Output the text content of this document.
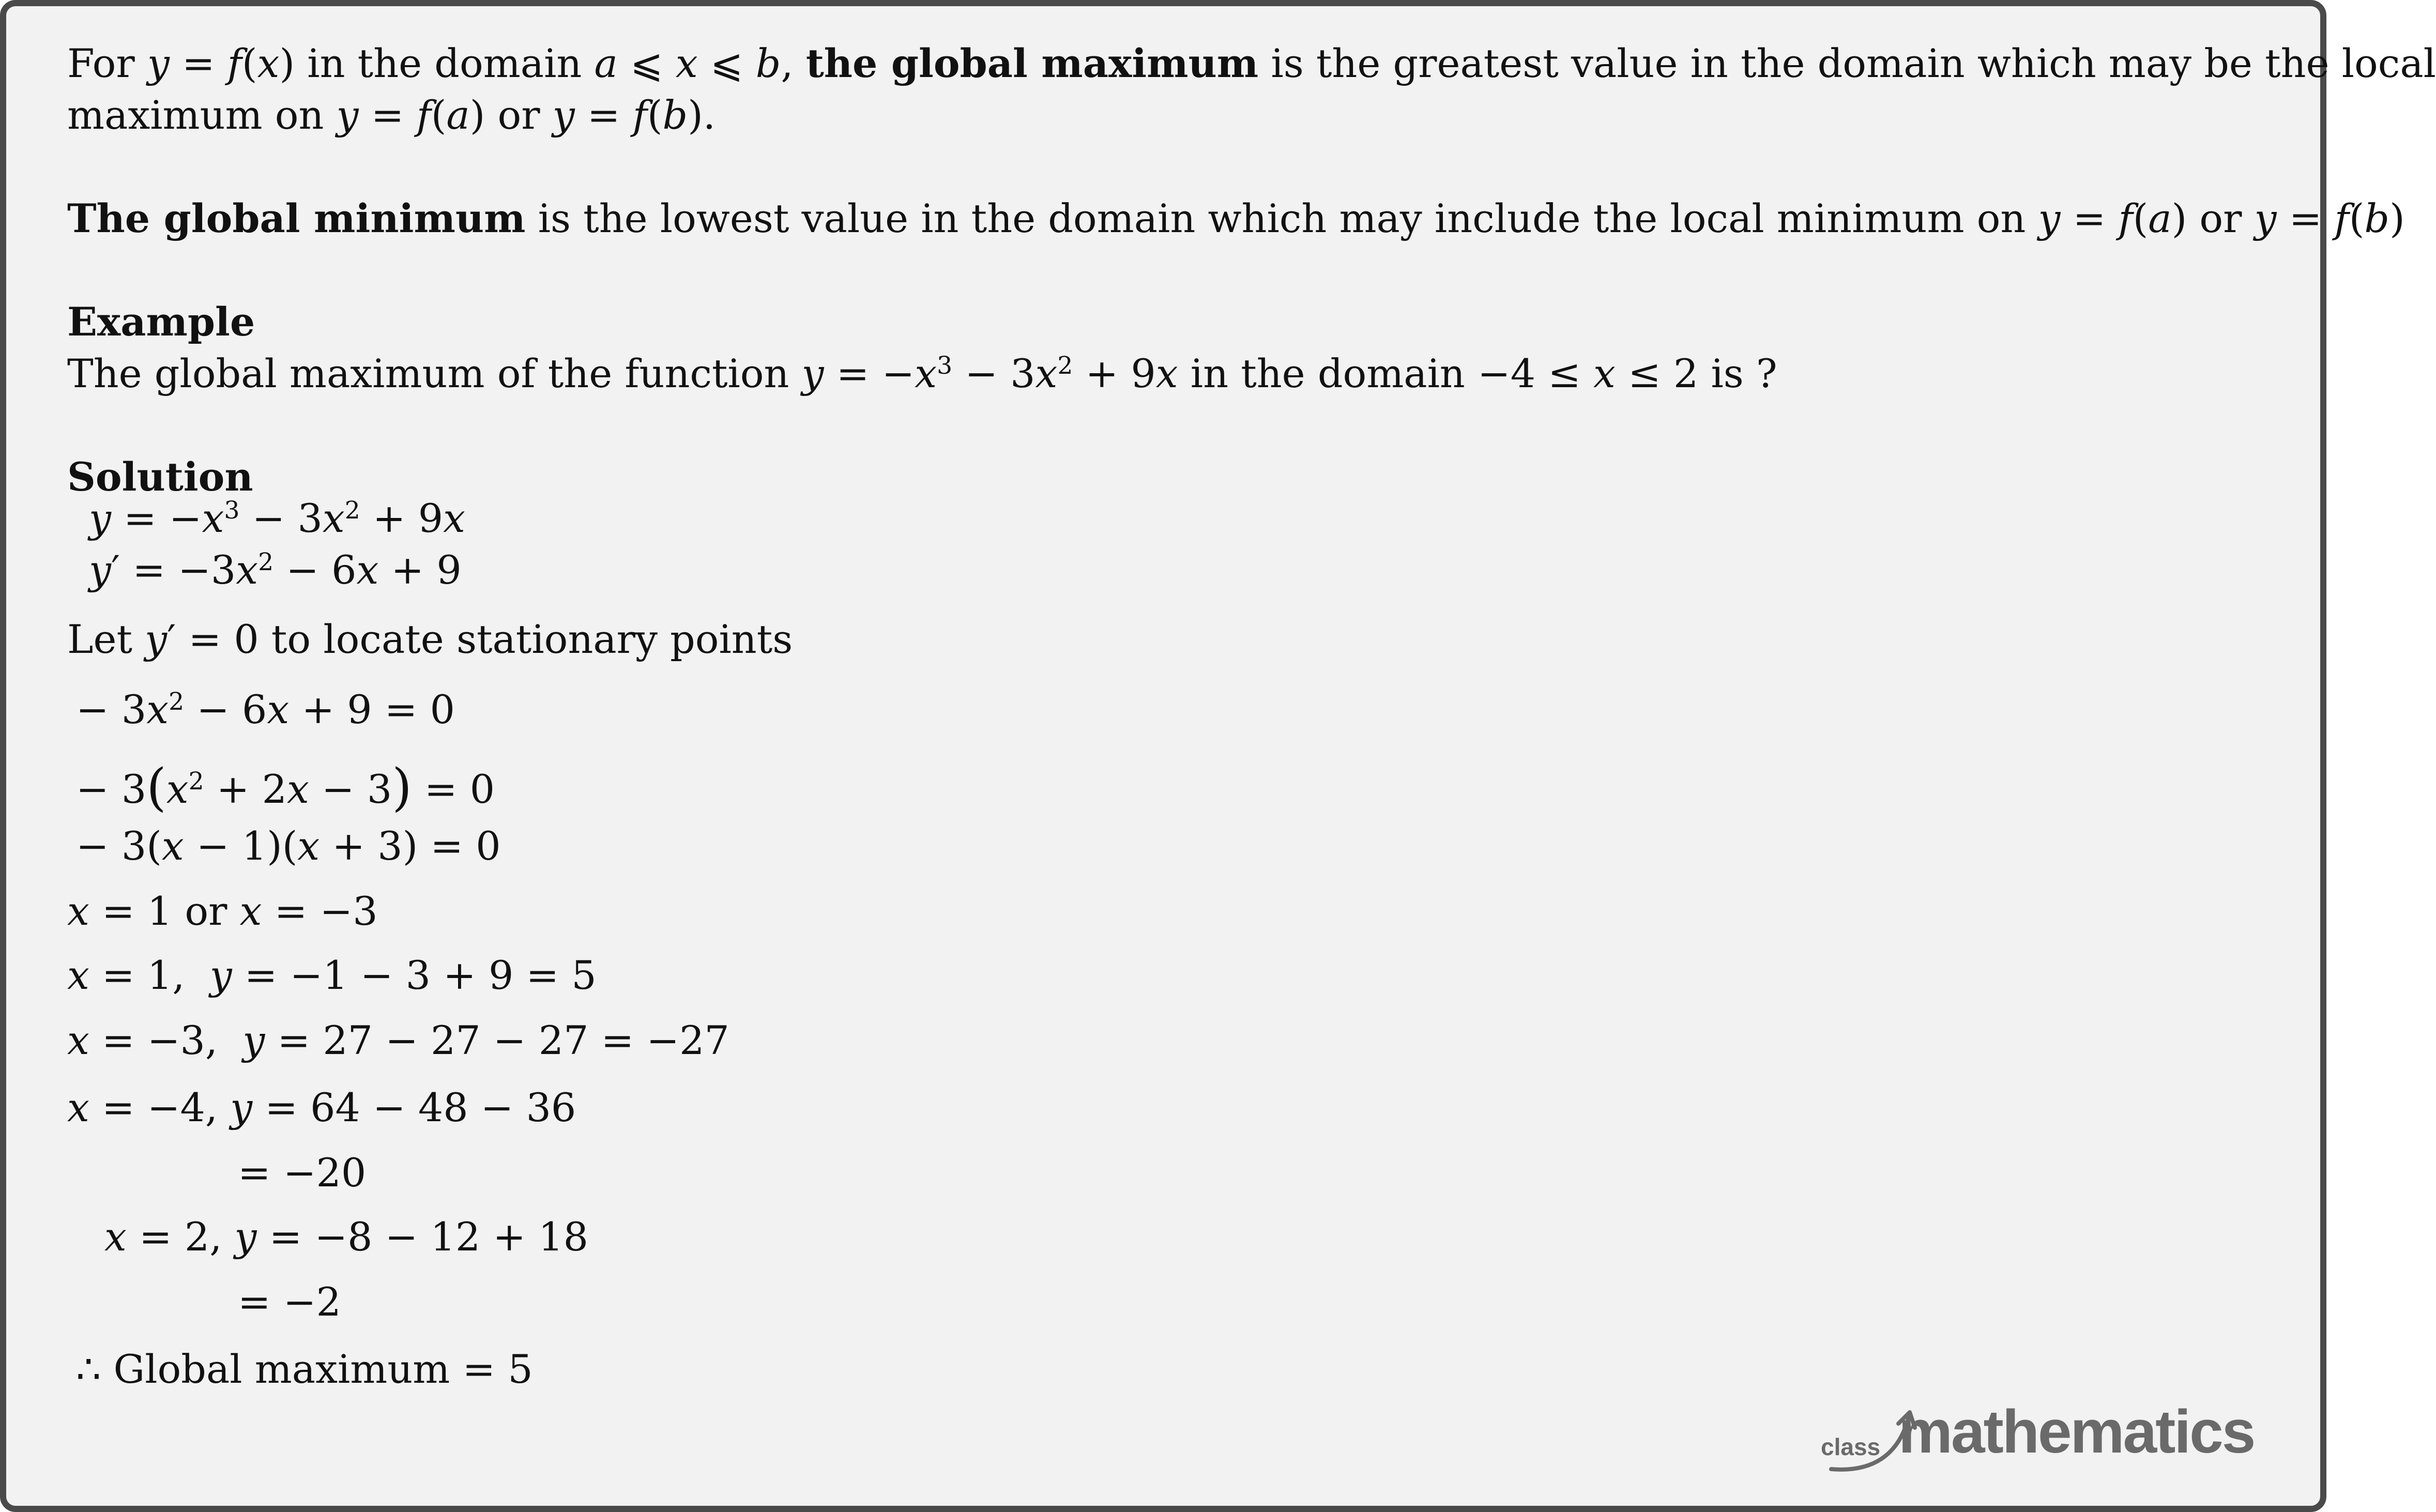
For y = f(x) in the domain a ⩽ x ⩽ b, the global maximum is the greatest value in the domain which may be the local
maximum on y = f(a) or y = f(b).
The global minimum is the lowest value in the domain which may include the local minimum on y = f(a) or y = f(b)
Example
The global maximum of the function $y = -x^3 - 3x^2 + 9x$ in the domain −4 ≤ x ≤ 2 is ?
Solution
$y = -x^3 - 3x^2 + 9x$
$y' = -3x^2 - 6x + 9$
Let y′ = 0 to locate stationary points
− $3x^2 - 6x + 9 = 0$
− $3(x^2 + 2x - 3) = 0$
− 3(x − 1)(x + 3) = 0
x = 1 or x = −3
x = 1,  y = −1 − 3 + 9 = 5
x = −3,  y = 27 − 27 − 27 = −27
x = −4, y = 64 − 48 − 36
= −20
x = 2, y = −8 − 12 + 18
= −2
∴ Global maximum = 5
class mathematics
